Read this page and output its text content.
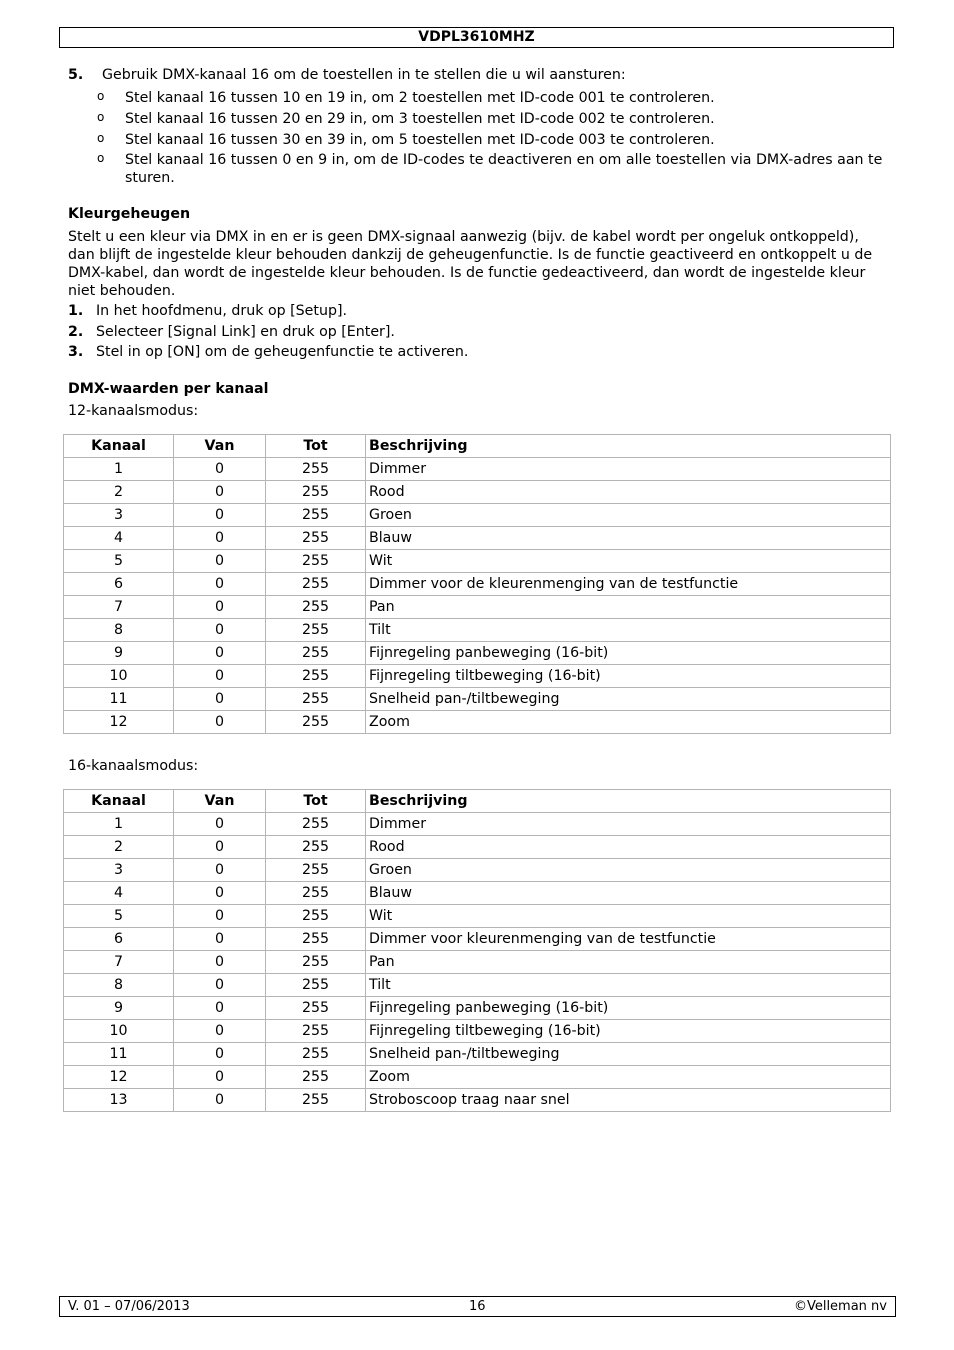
VDPL3610MHZ
5. Gebruik DMX-kanaal 16 om de toestellen in te stellen die u wil aansturen:
o Stel kanaal 16 tussen 10 en 19 in, om 2 toestellen met ID-code 001 te controleren.
o Stel kanaal 16 tussen 20 en 29 in, om 3 toestellen met ID-code 002 te controleren.
o Stel kanaal 16 tussen 30 en 39 in, om 5 toestellen met ID-code 003 te controleren.
o Stel kanaal 16 tussen 0 en 9 in, om de ID-codes te deactiveren en om alle toestellen via DMX-adres aan te sturen.
Kleurgeheugen
Stelt u een kleur via DMX in en er is geen DMX-signaal aanwezig (bijv. de kabel wordt per ongeluk ontkoppeld), dan blijft de ingestelde kleur behouden dankzij de geheugenfunctie. Is de functie geactiveerd en ontkoppelt u de DMX-kabel, dan wordt de ingestelde kleur behouden. Is de functie gedeactiveerd, dan wordt de ingestelde kleur niet behouden.
1. In het hoofdmenu, druk op [Setup].
2. Selecteer [Signal Link] en druk op [Enter].
3. Stel in op [ON] om de geheugenfunctie te activeren.
DMX-waarden per kanaal
12-kanaalsmodus:
16-kanaalsmodus:
Kanaal	Van	Tot	Beschrijving
1	0	255	Dimmer
2	0	255	Rood
3	0	255	Groen
4	0	255	Blauw
5	0	255	Wit
6	0	255	Dimmer voor de kleurenmenging van de testfunctie
7	0	255	Pan
8	0	255	Tilt
9	0	255	Fijnregeling panbeweging (16-bit)
10	0	255	Fijnregeling tiltbeweging (16-bit)
11	0	255	Snelheid pan-/tiltbeweging
12	0	255	Zoom
Kanaal	Van	Tot	Beschrijving
1	0	255	Dimmer
2	0	255	Rood
3	0	255	Groen
4	0	255	Blauw
5	0	255	Wit
6	0	255	Dimmer voor kleurenmenging van de testfunctie
7	0	255	Pan
8	0	255	Tilt
9	0	255	Fijnregeling panbeweging (16-bit)
10	0	255	Fijnregeling tiltbeweging (16-bit)
11	0	255	Snelheid pan-/tiltbeweging
12	0	255	Zoom
13	0	255	Stroboscoop traag naar snel
V. 01 – 07/06/2013	16	©Velleman nv
